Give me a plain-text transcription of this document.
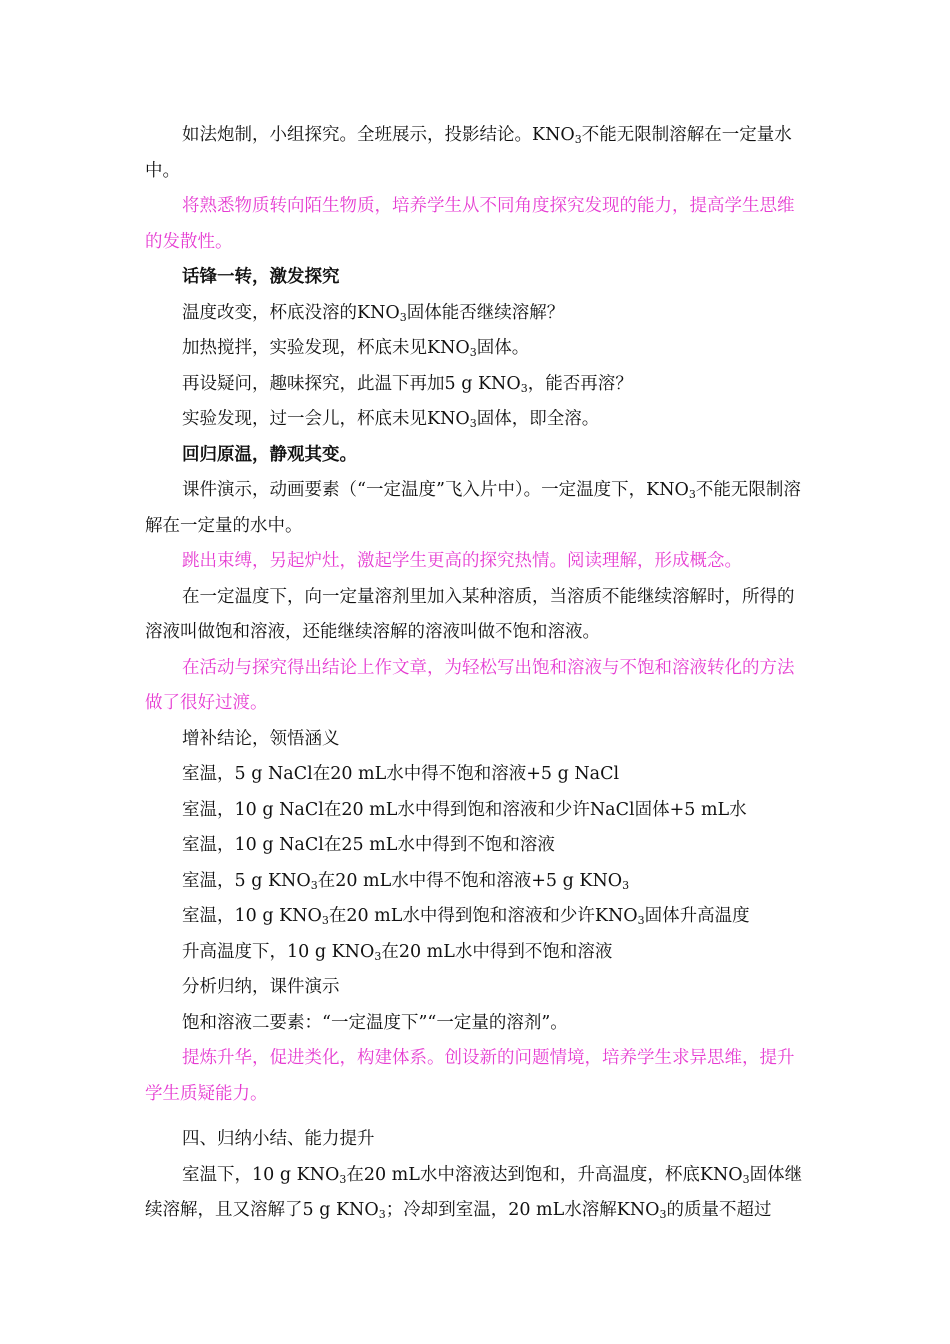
如法炮制，小组探究。全班展示，投影结论。$KNO_3$不能无限制溶解在一定量水中。

将熟悉物质转向陌生物质，培养学生从不同角度探究发现的能力，提高学生思维的发散性。

话锋一转，激发探究

温度改变，杯底没溶的$KNO_3$固体能否继续溶解？

加热搅拌，实验发现，杯底未见$KNO_3$固体。

再设疑问，趣味探究，此温下再加5 g $KNO_3$，能否再溶？

实验发现，过一会儿，杯底未见$KNO_3$固体，即全溶。

回归原温，静观其变。

课件演示，动画要素（“一定温度”飞入片中）。一定温度下，$KNO_3$不能无限制溶解在一定量的水中。

跳出束缚，另起炉灶，激起学生更高的探究热情。阅读理解，形成概念。

在一定温度下，向一定量溶剂里加入某种溶质，当溶质不能继续溶解时，所得的溶液叫做饱和溶液，还能继续溶解的溶液叫做不饱和溶液。

在活动与探究得出结论上作文章，为轻松写出饱和溶液与不饱和溶液转化的方法做了很好过渡。

增补结论，领悟涵义

室温，5 g NaCl在20 mL水中得不饱和溶液+5 g NaCl

室温，10 g NaCl在20 mL水中得到饱和溶液和少许NaCl固体+5 mL水

室温，10 g NaCl在25 mL水中得到不饱和溶液

室温，5 g $KNO_3$在20 mL水中得不饱和溶液+5 g $KNO_3$

室温，10 g $KNO_3$在20 mL水中得到饱和溶液和少许$KNO_3$固体升高温度

升高温度下，10 g $KNO_3$在20 mL水中得到不饱和溶液

分析归纳，课件演示

饱和溶液二要素：“一定温度下”“一定量的溶剂”。

提炼升华，促进类化，构建体系。创设新的问题情境，培养学生求异思维，提升学生质疑能力。

四、归纳小结、能力提升

室温下，10 g $KNO_3$在20 mL水中溶液达到饱和，升高温度，杯底$KNO_3$固体继续溶解，且又溶解了5 g $KNO_3$；冷却到室温，20 mL水溶解$KNO_3$的质量不超过
